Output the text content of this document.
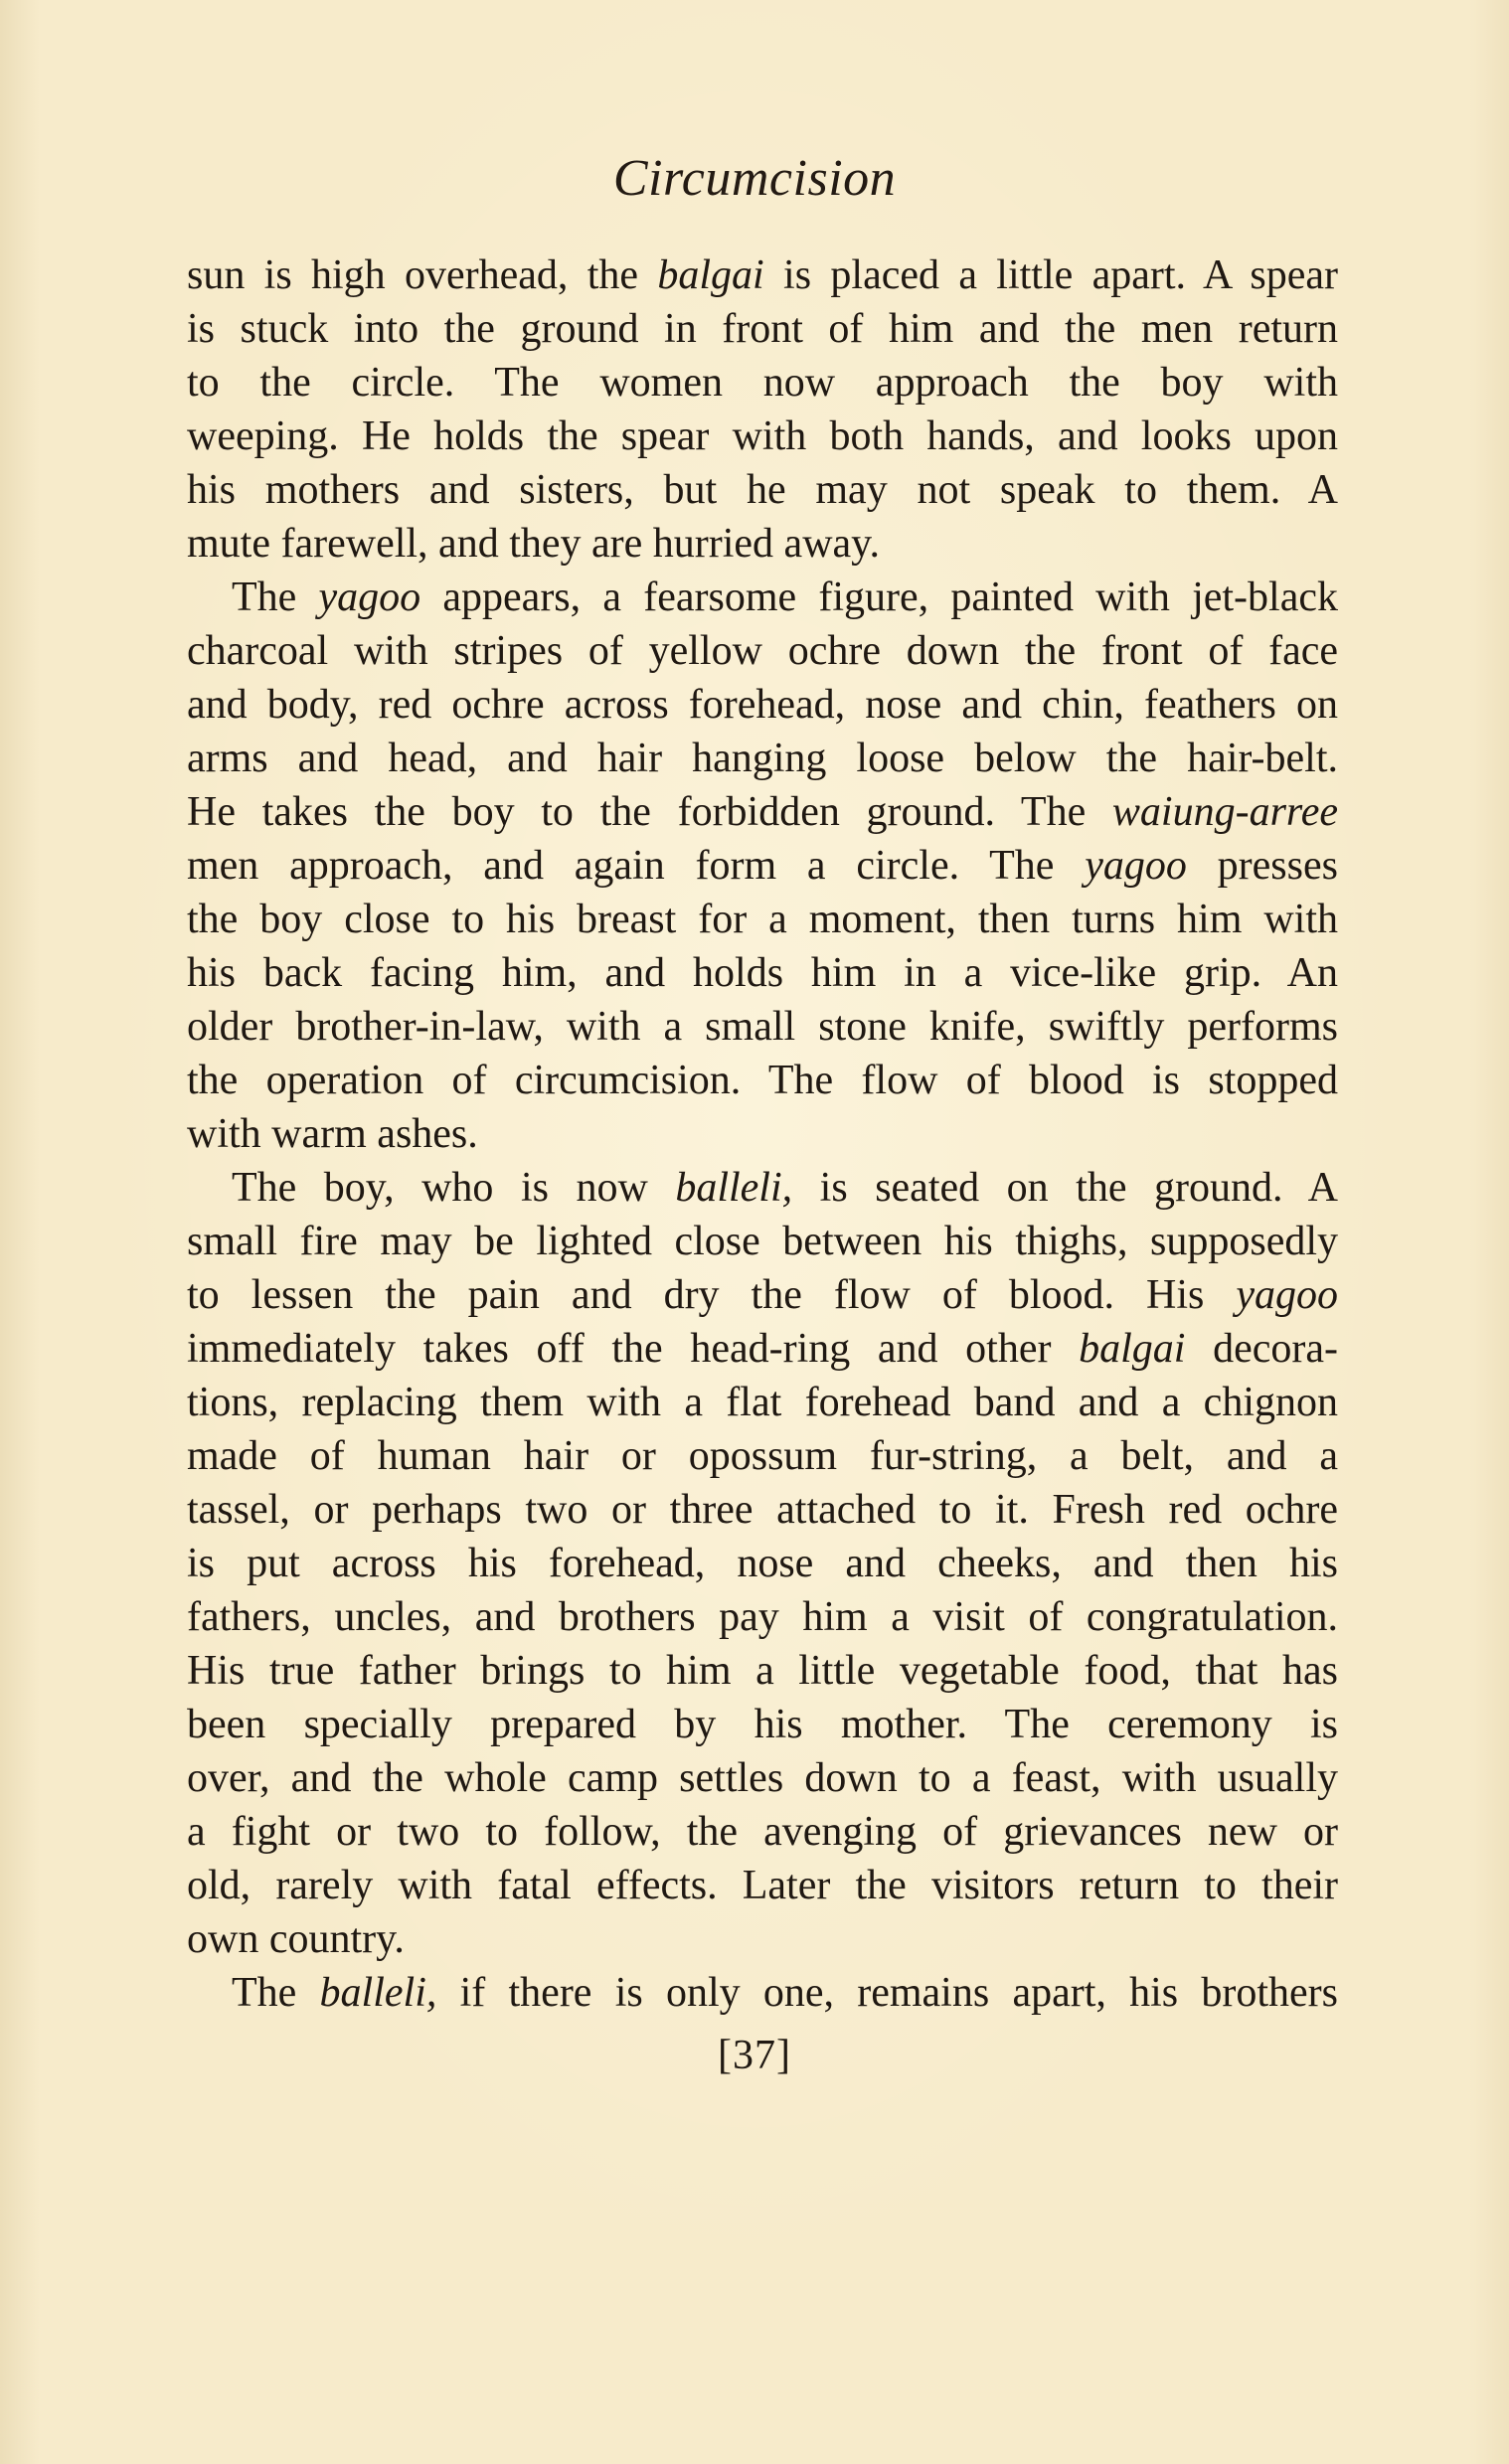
Circumcision
sun is high overhead, the balgai is placed a little apart. A spear
is stuck into the ground in front of him and the men return
to the circle. The women now approach the boy with
weeping. He holds the spear with both hands, and looks upon
his mothers and sisters, but he may not speak to them. A
mute farewell, and they are hurried away.
The yagoo appears, a fearsome figure, painted with jet-black
charcoal with stripes of yellow ochre down the front of face
and body, red ochre across forehead, nose and chin, feathers on
arms and head, and hair hanging loose below the hair-belt.
He takes the boy to the forbidden ground. The waiung-arree
men approach, and again form a circle. The yagoo presses
the boy close to his breast for a moment, then turns him with
his back facing him, and holds him in a vice-like grip. An
older brother-in-law, with a small stone knife, swiftly performs
the operation of circumcision. The flow of blood is stopped
with warm ashes.
The boy, who is now balleli, is seated on the ground. A
small fire may be lighted close between his thighs, supposedly
to lessen the pain and dry the flow of blood. His yagoo
immediately takes off the head-ring and other balgai decora-
tions, replacing them with a flat forehead band and a chignon
made of human hair or opossum fur-string, a belt, and a
tassel, or perhaps two or three attached to it. Fresh red ochre
is put across his forehead, nose and cheeks, and then his
fathers, uncles, and brothers pay him a visit of congratulation.
His true father brings to him a little vegetable food, that has
been specially prepared by his mother. The ceremony is
over, and the whole camp settles down to a feast, with usually
a fight or two to follow, the avenging of grievances new or
old, rarely with fatal effects. Later the visitors return to their
own country.
The balleli, if there is only one, remains apart, his brothers
[37]
